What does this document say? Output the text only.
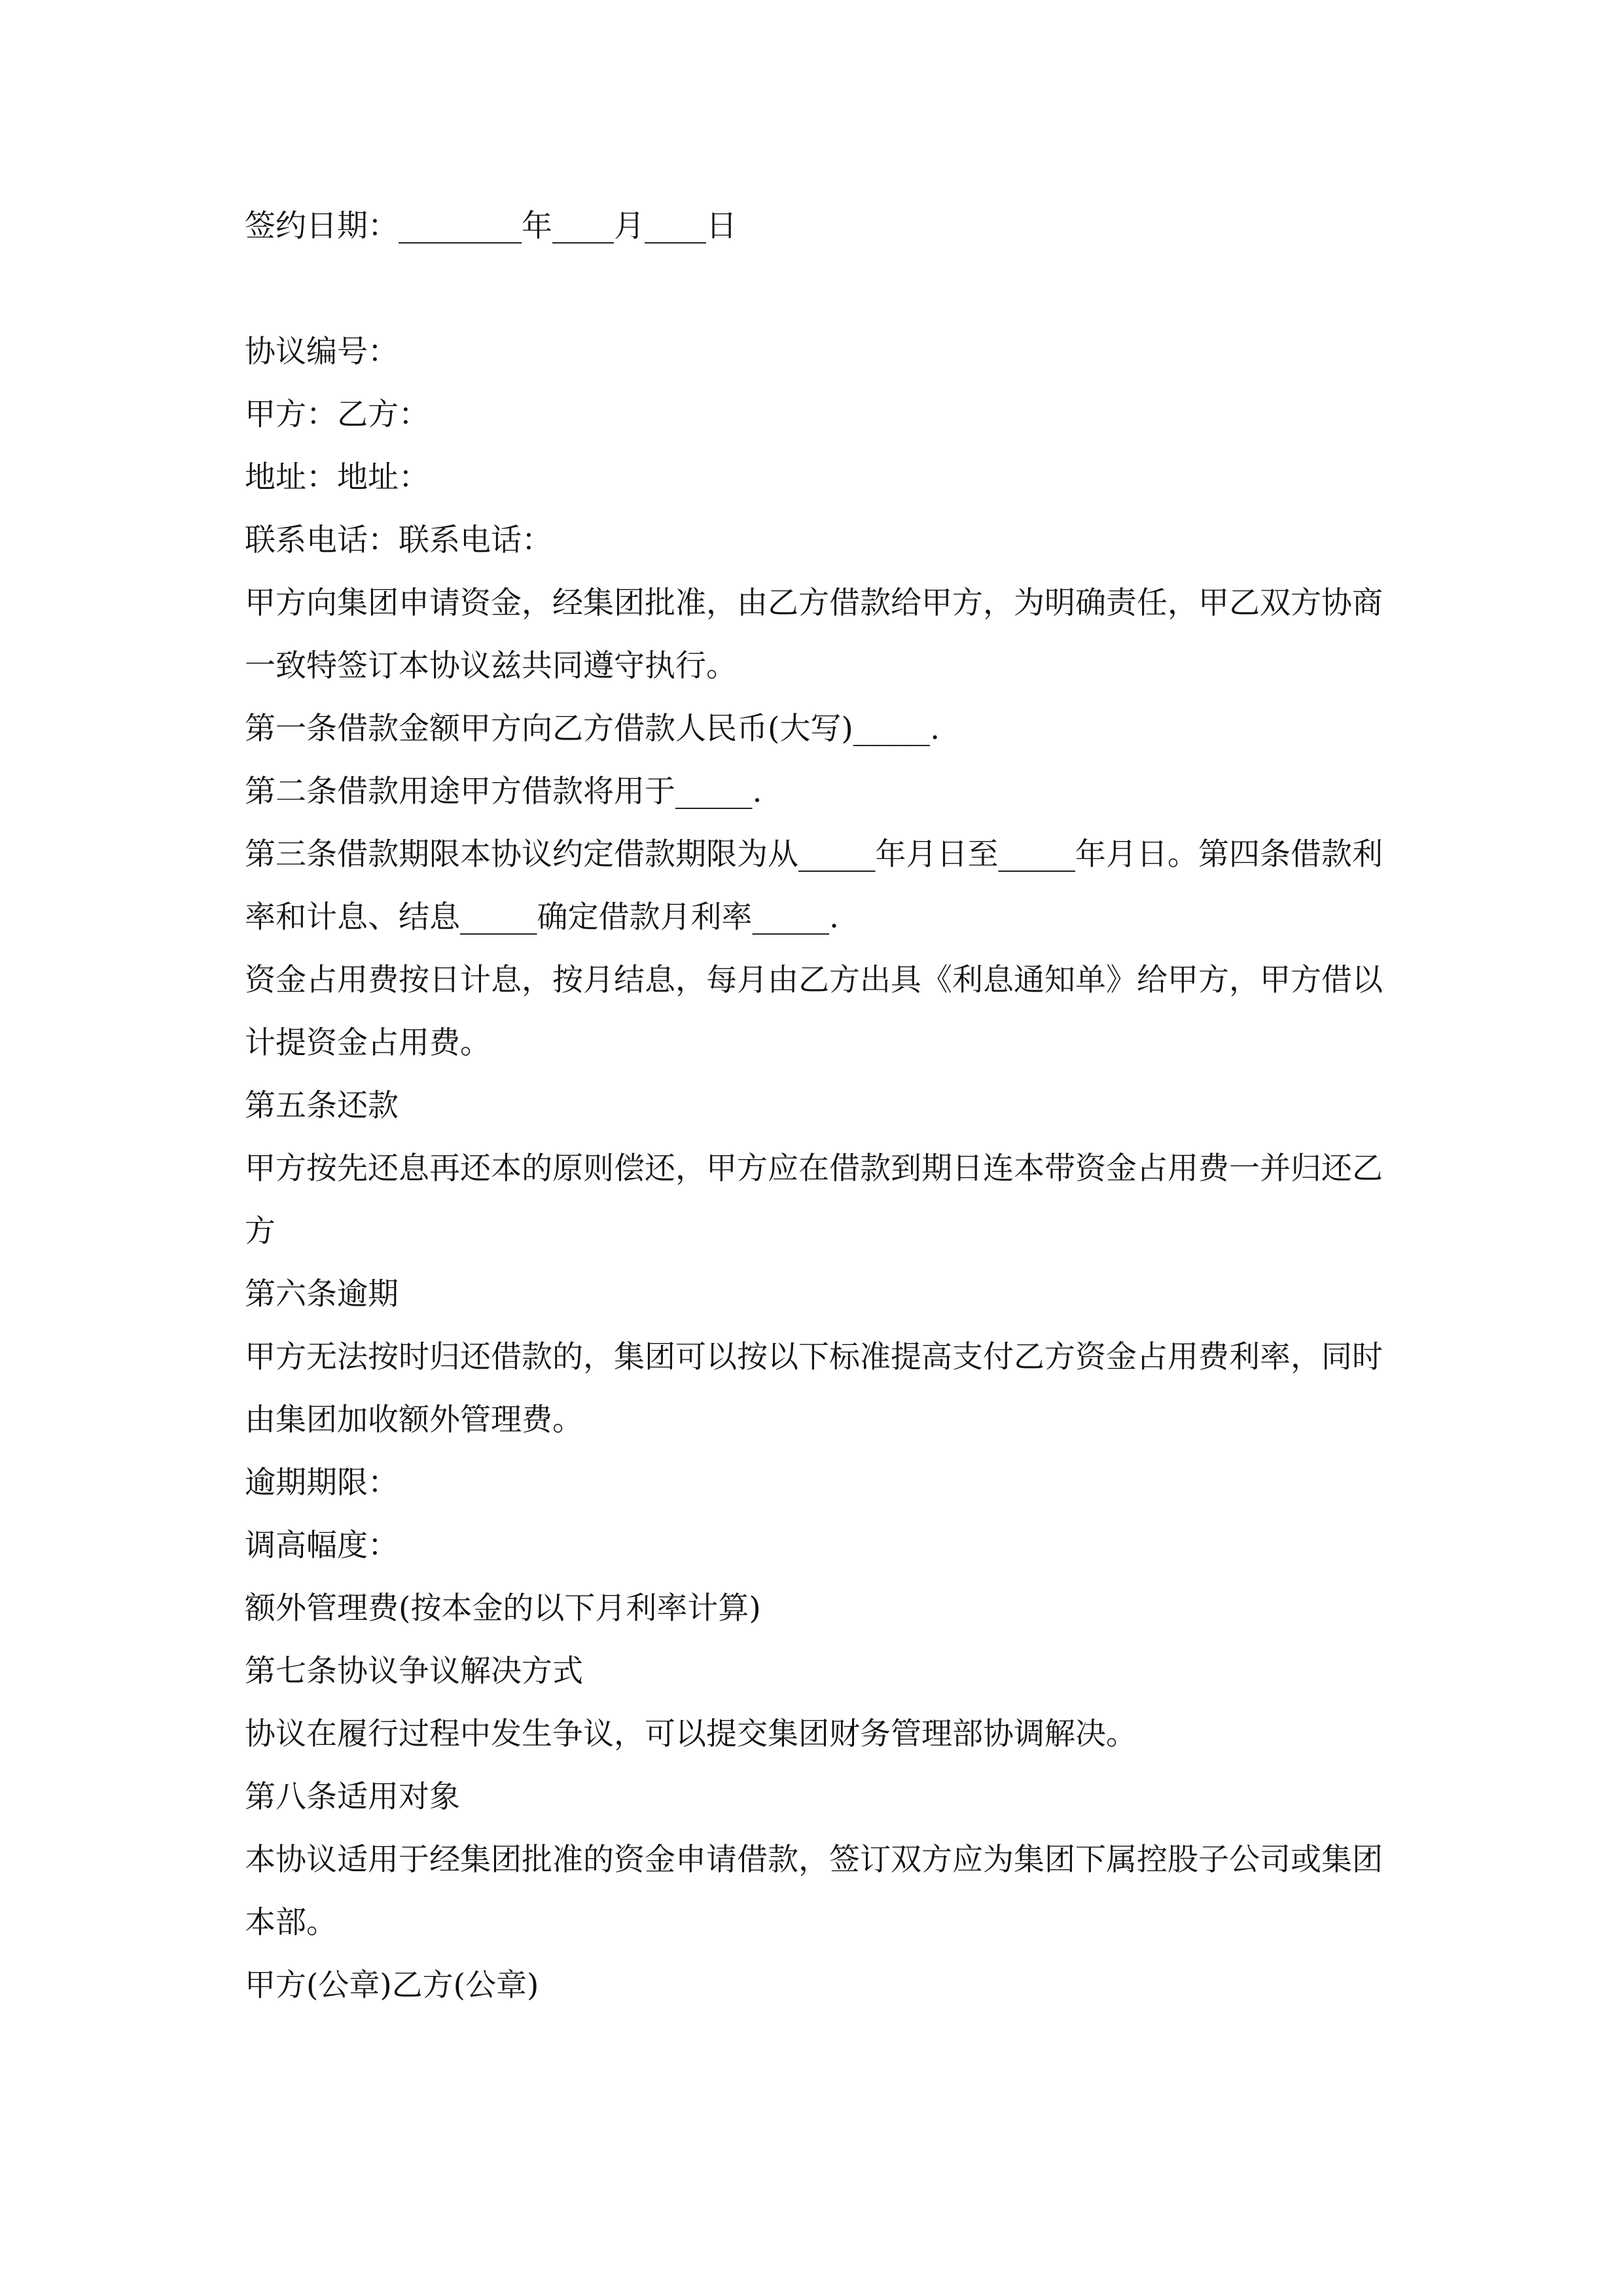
签约日期：________年____月____日

协议编号：

甲方：乙方：

地址：地址：

联系电话：联系电话：

甲方向集团申请资金，经集团批准，由乙方借款给甲方，为明确责任，甲乙双方协商一致特签订本协议兹共同遵守执行。

第一条借款金额甲方向乙方借款人民币(大写)_____.

第二条借款用途甲方借款将用于_____.

第三条借款期限本协议约定借款期限为从_____年月日至_____年月日。第四条借款利率和计息、结息_____确定借款月利率_____.

资金占用费按日计息，按月结息，每月由乙方出具《利息通知单》给甲方，甲方借以计提资金占用费。

第五条还款

甲方按先还息再还本的原则偿还，甲方应在借款到期日连本带资金占用费一并归还乙方

第六条逾期

甲方无法按时归还借款的，集团可以按以下标准提高支付乙方资金占用费利率，同时由集团加收额外管理费。

逾期期限：

调高幅度：

额外管理费(按本金的以下月利率计算)

第七条协议争议解决方式

协议在履行过程中发生争议，可以提交集团财务管理部协调解决。

第八条适用对象

本协议适用于经集团批准的资金申请借款，签订双方应为集团下属控股子公司或集团本部。

甲方(公章)乙方(公章)
